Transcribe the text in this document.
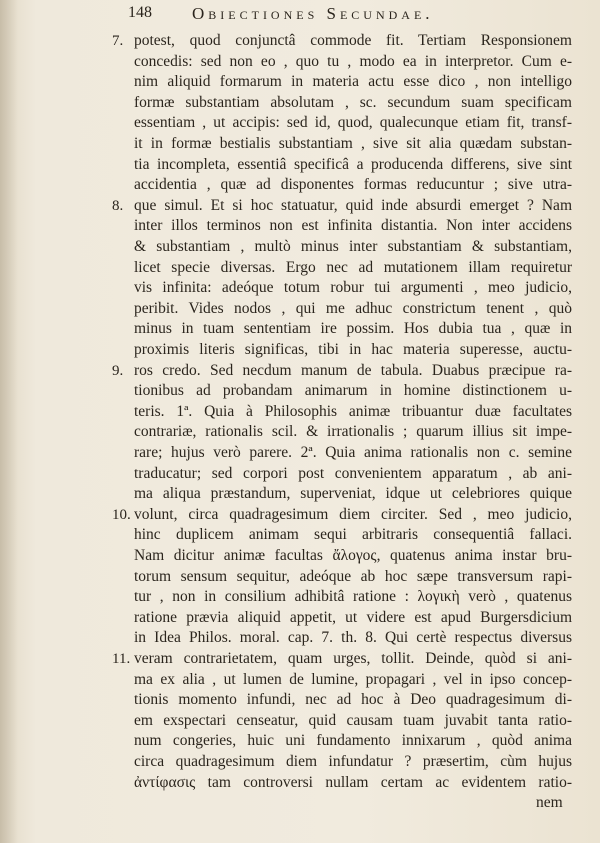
148 Obiectiones Secundae.
potest, quod conjunctâ commode fit. Tertiam Responsionem
concedis: sed non eo , quo tu , modo ea in interpretor. Cum e-
nim aliquid formarum in materia actu esse dico , non intelligo
formæ substantiam absolutam , sc. secundum suam specificam
essentiam , ut accipis: sed id, quod, qualecunque etiam fit, transf-
it in formæ bestialis substantiam , sive sit alia quædam substan-
tia incompleta, essentiâ specificâ a producenda differens, sive sint
accidentia , quæ ad disponentes formas reducuntur ; sive utra-
que simul. Et si hoc statuatur, quid inde absurdi emerget ? Nam
inter illos terminos non est infinita distantia. Non inter accidens
& substantiam , multò minus inter substantiam & substantiam,
licet specie diversas. Ergo nec ad mutationem illam requiretur
vis infinita: adeóque totum robur tui argumenti , meo judicio,
peribit. Vides nodos , qui me adhuc constrictum tenent , quò
minus in tuam sententiam ire possim. Hos dubia tua , quæ in
proximis literis significas, tibi in hac materia superesse, auctu-
ros credo. Sed necdum manum de tabula. Duabus præcipue ra-
tionibus ad probandam animarum in homine distinctionem u-
teris. 1ª. Quia à Philosophis animæ tribuantur duæ facultates
contrariæ, rationalis scil. & irrationalis ; quarum illius sit impe-
rare; hujus verò parere. 2ª. Quia anima rationalis non c. semine
traducatur; sed corpori post convenientem apparatum , ab ani-
ma aliqua præstandum, superveniat, idque ut celebriores quique
volunt, circa quadragesimum diem circiter. Sed , meo judicio,
hinc duplicem animam sequi arbitraris consequentiâ fallaci.
Nam dicitur animæ facultas ἄλογος, quatenus anima instar bru-
torum sensum sequitur, adeóque ab hoc sæpe transversum rapi-
tur , non in consilium adhibitâ ratione : λογικὴ verò , quatenus
ratione prævia aliquid appetit, ut videre est apud Burgersdicium
in Idea Philos. moral. cap. 7. th. 8. Qui certè respectus diversus
veram contrarietatem, quam urges, tollit. Deinde, quòd si ani-
ma ex alia , ut lumen de lumine, propagari , vel in ipso concep-
tionis momento infundi, nec ad hoc à Deo quadragesimum di-
em exspectari censeatur, quid causam tuam juvabit tanta ratio-
num congeries, huic uni fundamento innixarum , quòd anima
circa quadragesimum diem infundatur ? præsertim, cùm hujus
ἀντίφασις tam controversi nullam certam ac evidentem ratio-
nem
7.
8.
9.
10.
11.
